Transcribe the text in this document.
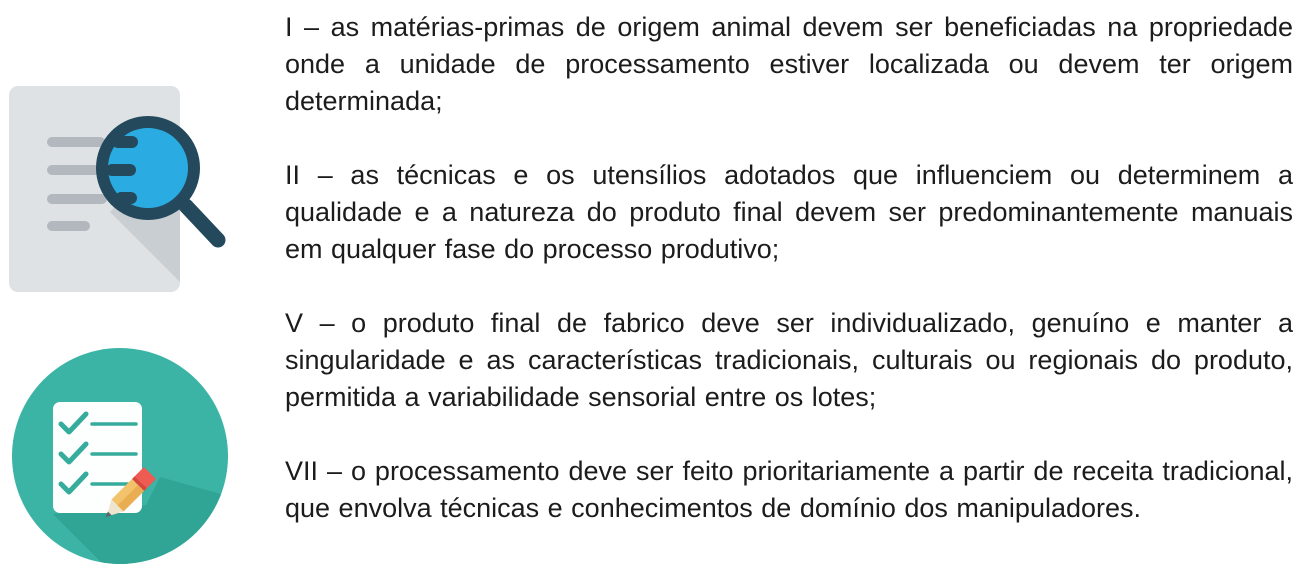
I – as matérias-primas de origem animal devem ser beneficiadas na propriedade onde a unidade de processamento estiver localizada ou devem ter origem determinada;

II – as técnicas e os utensílios adotados que influenciem ou determinem a qualidade e a natureza do produto final devem ser predominantemente manuais em qualquer fase do processo produtivo;

V – o produto final de fabrico deve ser individualizado, genuíno e manter a singularidade e as características tradicionais, culturais ou regionais do produto, permitida a variabilidade sensorial entre os lotes;

VII – o processamento deve ser feito prioritariamente a partir de receita tradicional, que envolva técnicas e conhecimentos de domínio dos manipuladores.
